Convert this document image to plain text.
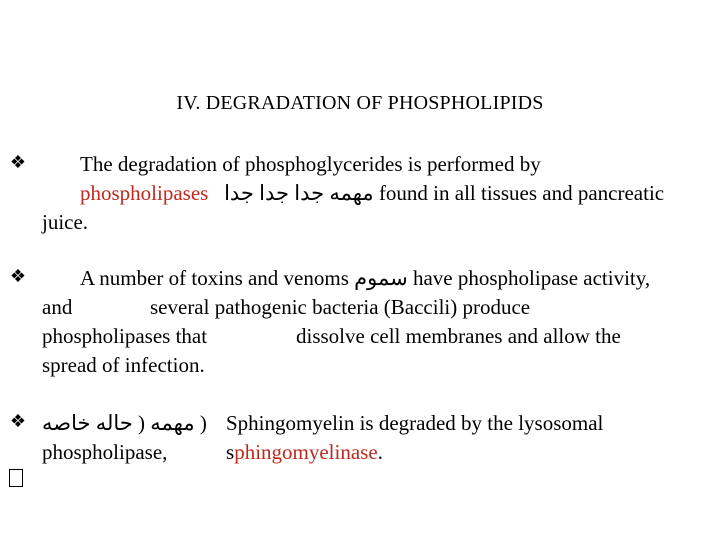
IV. DEGRADATION OF PHOSPHOLIPIDS
❖	The degradation of phosphoglycerides is performed by
phospholipases مهمه جدا جدا جدا found in all tissues and pancreatic
juice.
❖	A number of toxins and venoms سموم have phospholipase activity,
and	several pathogenic bacteria (Baccili) produce
phospholipases that	dissolve cell membranes and allow the
spread of infection.
❖ ( مهمه ( حاله خاصه Sphingomyelin is degraded by the lysosomal
phospholipase,	sphingomyelinase.
